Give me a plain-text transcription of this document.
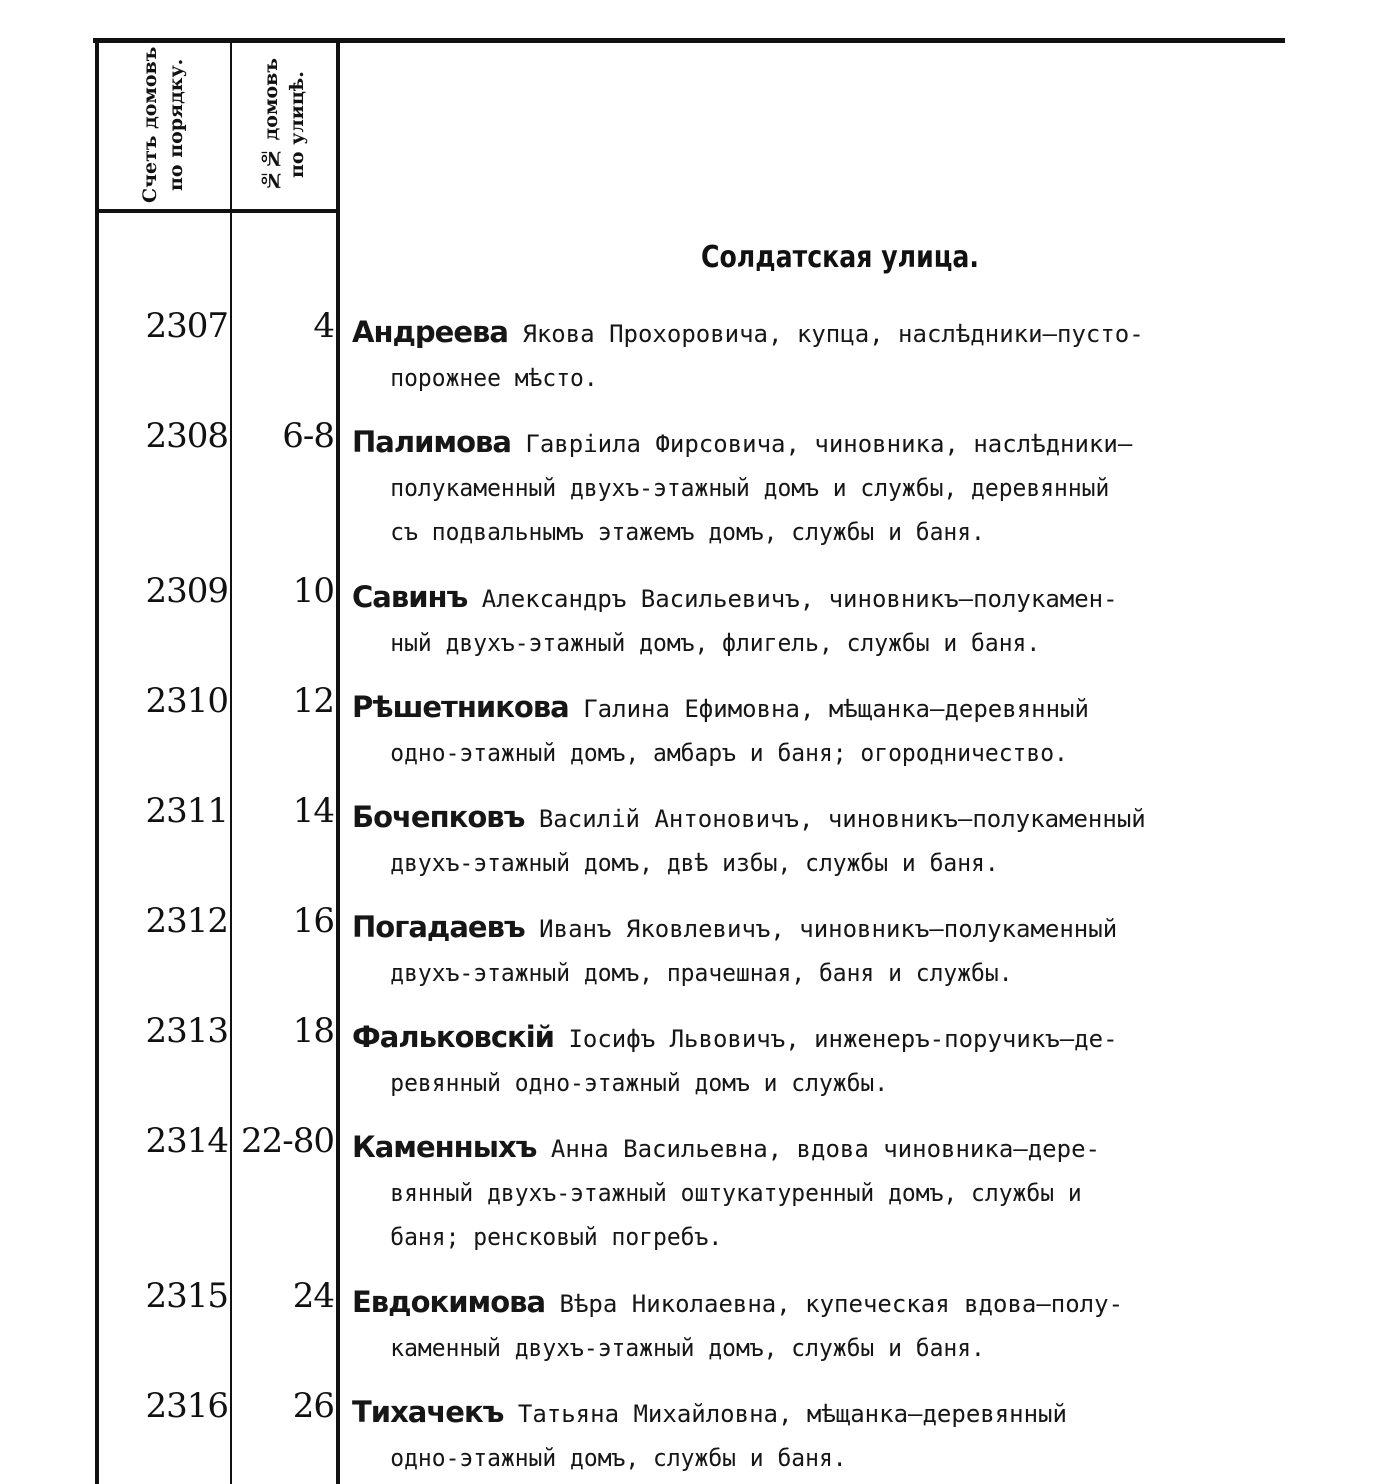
Счетъ домовъ по порядку.	№№ домовъ по улицѣ.
Солдатская улица.
2307	4 Андреева Якова Прохоровича, купца, наслѣдники—пусто-
порожнее мѣсто.
2308	6-8 Палимова Гавріила Фирсовича, чиновника, наслѣдники—
полукаменный двухъ-этажный домъ и службы, деревянный
съ подвальнымъ этажемъ домъ, службы и баня.
2309	10 Савинъ Александръ Васильевичъ, чиновникъ—полукамен-
ный двухъ-этажный домъ, флигель, службы и баня.
2310	12 Рѣшетникова Галина Ефимовна, мѣщанка—деревянный
одно-этажный домъ, амбаръ и баня; огородничество.
2311	14 Бочепковъ Василій Антоновичъ, чиновникъ—полукаменный
двухъ-этажный домъ, двѣ избы, службы и баня.
2312	16 Погадаевъ Иванъ Яковлевичъ, чиновникъ—полукаменный
двухъ-этажный домъ, прачешная, баня и службы.
2313	18 Фальковскій Іосифъ Львовичъ, инженеръ-поручикъ—де-
ревянный одно-этажный домъ и службы.
2314 22-80 Каменныхъ Анна Васильевна, вдова чиновника—дере-
вянный двухъ-этажный оштукатуренный домъ, службы и
баня; ренсковый погребъ.
2315	24 Евдокимова Вѣра Николаевна, купеческая вдова—полу-
каменный двухъ-этажный домъ, службы и баня.
2316	26 Тихачекъ Татьяна Михайловна, мѣщанка—деревянный
одно-этажный домъ, службы и баня.
